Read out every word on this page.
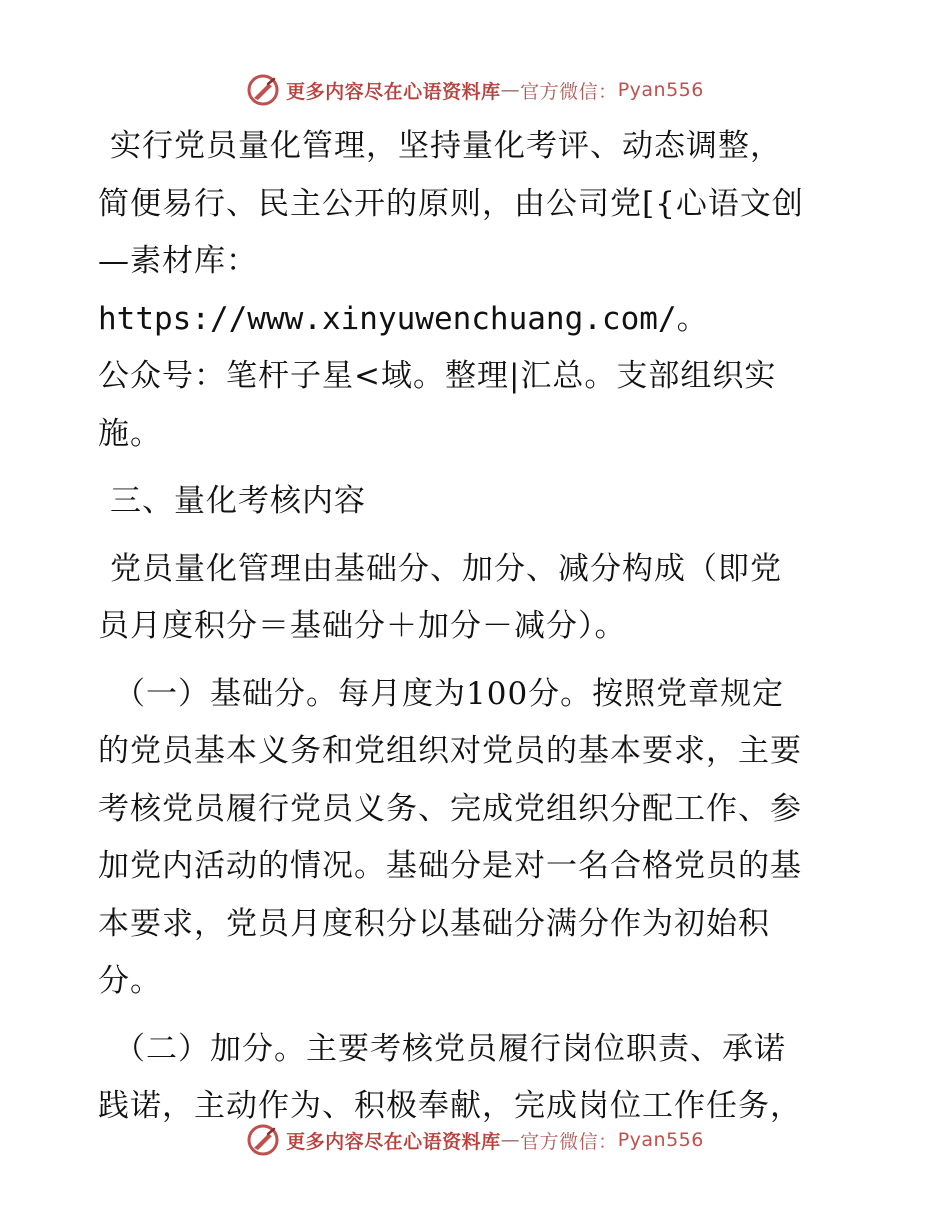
更多内容尽在心语资料库 — 官方微信： Pyan556

实行党员量化管理，坚持量化考评、动态调整，

简便易行、民主公开的原则，由公司党[{心语文创

—素材库：https://www.xinyuwenchuang.com/。

公众号：笔杆子星<域。整理|汇总。支部组织实

施。

三、量化考核内容

党员量化管理由基础分、加分、减分构成（即党

员月度积分＝基础分＋加分－减分）。

（一）基础分。每月度为100分。按照党章规定

的党员基本义务和党组织对党员的基本要求，主要

考核党员履行党员义务、完成党组织分配工作、参

加党内活动的情况。基础分是对一名合格党员的基

本要求，党员月度积分以基础分满分作为初始积

分。

（二）加分。主要考核党员履行岗位职责、承诺

践诺，主动作为、积极奉献，完成岗位工作任务，

更多内容尽在心语资料库 — 官方微信： Pyan556
